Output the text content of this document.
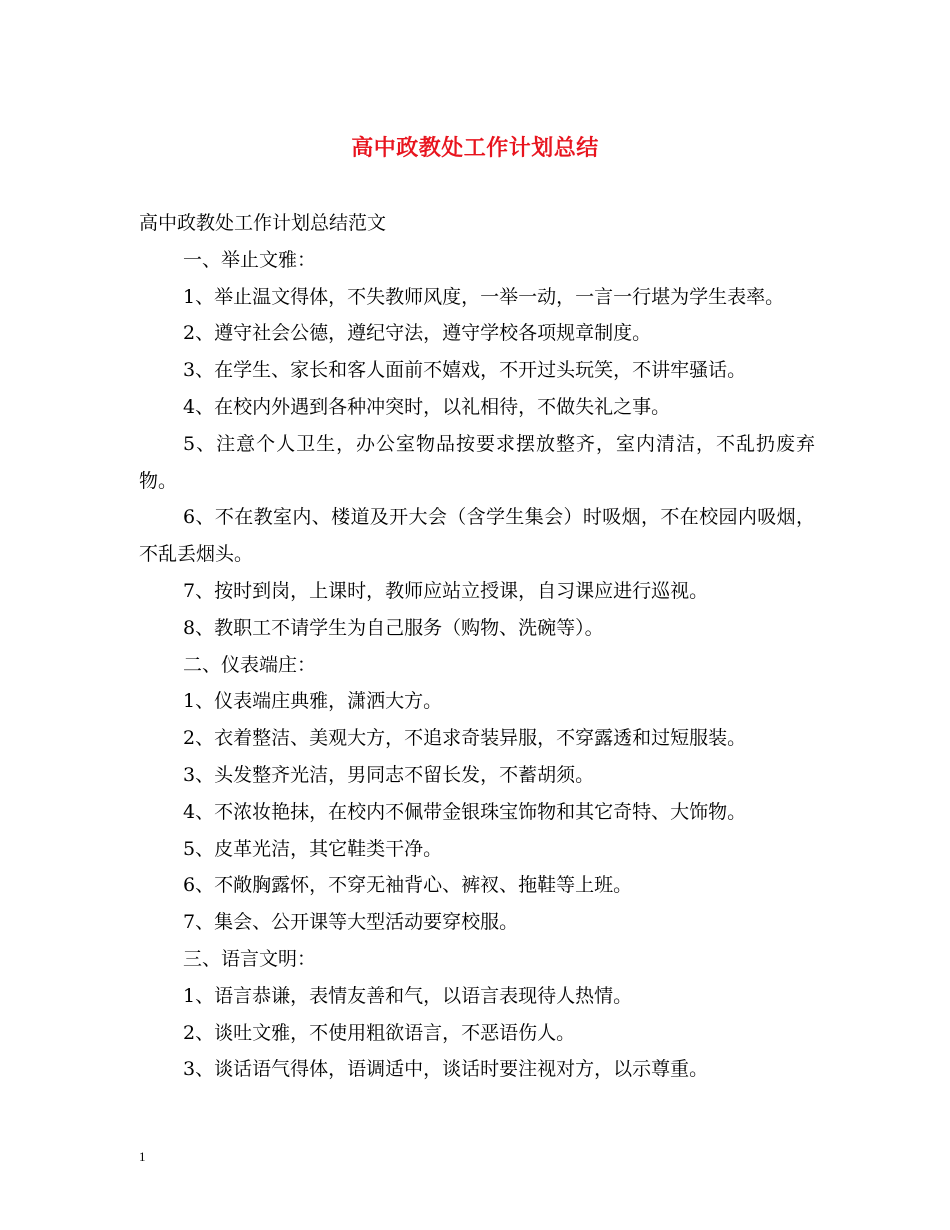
高中政教处工作计划总结

高中政教处工作计划总结范文

一、举止文雅：

1、举止温文得体，不失教师风度，一举一动，一言一行堪为学生表率。

2、遵守社会公德，遵纪守法，遵守学校各项规章制度。

3、在学生、家长和客人面前不嬉戏，不开过头玩笑，不讲牢骚话。

4、在校内外遇到各种冲突时，以礼相待，不做失礼之事。

5、注意个人卫生，办公室物品按要求摆放整齐，室内清洁，不乱扔废弃物。

6、不在教室内、楼道及开大会（含学生集会）时吸烟，不在校园内吸烟，不乱丢烟头。

7、按时到岗，上课时，教师应站立授课，自习课应进行巡视。

8、教职工不请学生为自己服务（购物、洗碗等）。

二、仪表端庄：

1、仪表端庄典雅，潇洒大方。

2、衣着整洁、美观大方，不追求奇装异服，不穿露透和过短服装。

3、头发整齐光洁，男同志不留长发，不蓄胡须。

4、不浓妆艳抹，在校内不佩带金银珠宝饰物和其它奇特、大饰物。

5、皮革光洁，其它鞋类干净。

6、不敞胸露怀，不穿无袖背心、裤衩、拖鞋等上班。

7、集会、公开课等大型活动要穿校服。

三、语言文明：

1、语言恭谦，表情友善和气，以语言表现待人热情。

2、谈吐文雅，不使用粗欲语言，不恶语伤人。

3、谈话语气得体，语调适中，谈话时要注视对方，以示尊重。

1
